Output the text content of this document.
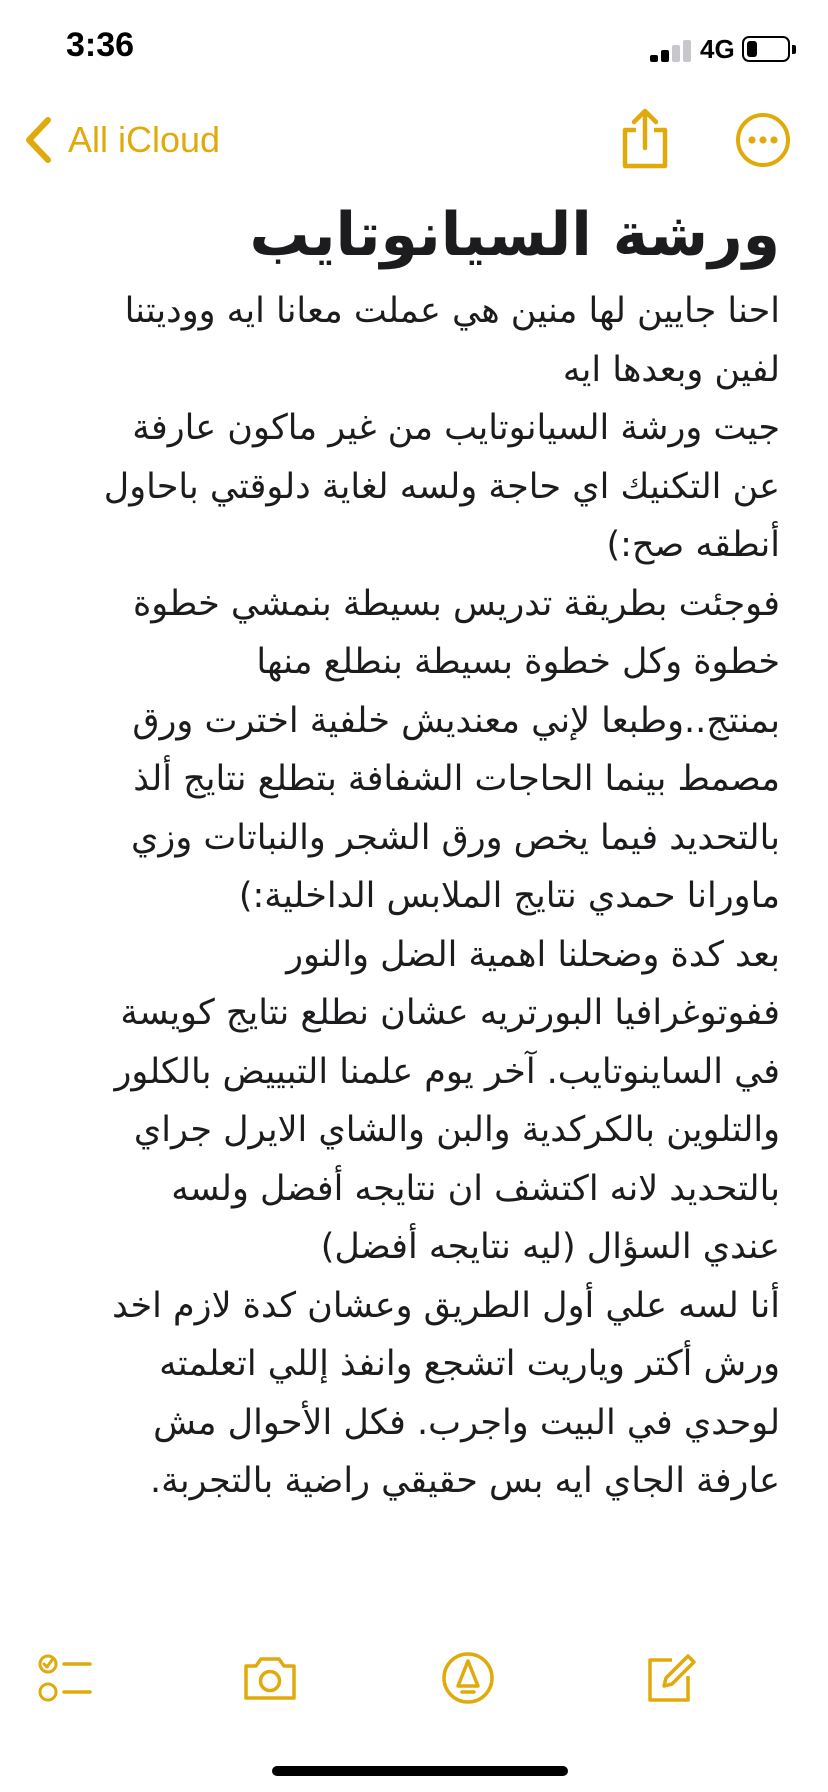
3:36	4G
All iCloud
ورشة السيانوتايب
احنا جايين لها منين هي عملت معانا ايه ووديتنا
لفين وبعدها ايه
جيت ورشة السيانوتايب من غير ماكون عارفة
عن التكنيك اي حاجة ولسه لغاية دلوقتي باحاول
أنطقه صح:)
فوجئت بطريقة تدريس بسيطة بنمشي خطوة
خطوة وكل خطوة بسيطة بنطلع منها
بمنتج..وطبعا لإني معنديش خلفية اخترت ورق
مصمط بينما الحاجات الشفافة بتطلع نتايج ألذ
بالتحديد فيما يخص ورق الشجر والنباتات وزي
ماورانا حمدي نتايج الملابس الداخلية:)
بعد كدة وضحلنا اهمية الضل والنور
ففوتوغرافيا البورتريه عشان نطلع نتايج كويسة
في الساينوتايب. آخر يوم علمنا التبييض بالكلور
والتلوين بالكركدية والبن والشاي الايرل جراي
بالتحديد لانه اكتشف ان نتايجه أفضل ولسه
عندي السؤال (ليه نتايجه أفضل)
أنا لسه علي أول الطريق وعشان كدة لازم اخد
ورش أكتر وياريت اتشجع وانفذ إللي اتعلمته
لوحدي في البيت واجرب. فكل الأحوال مش
عارفة الجاي ايه بس حقيقي راضية بالتجربة.
